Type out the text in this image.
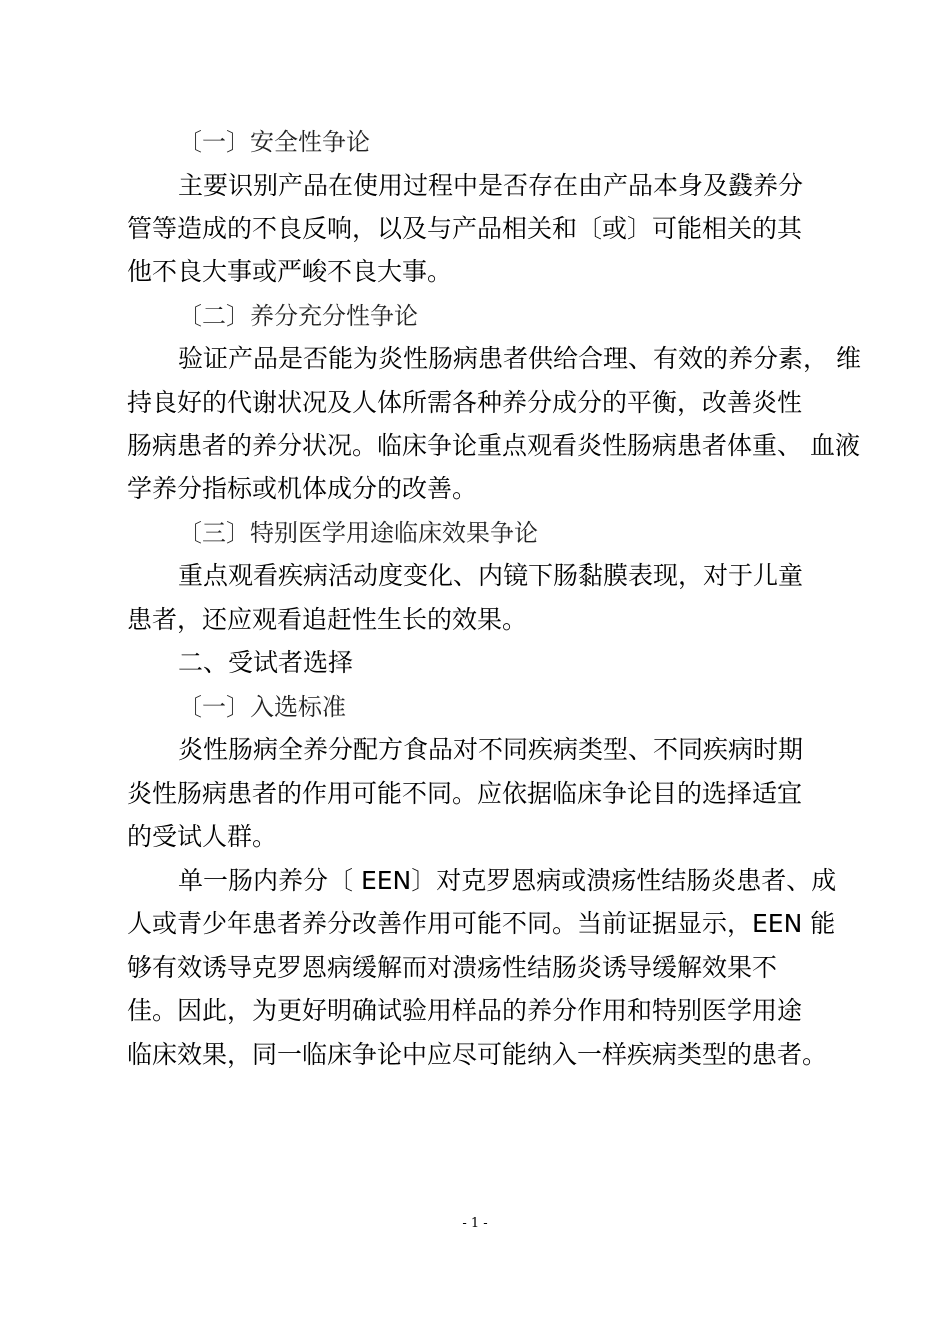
〔一〕安全性争论

主要识别产品在使用过程中是否存在由产品本身及鼗养分

管等造成的不良反响，以及与产品相关和〔或〕可能相关的其

他不良大事或严峻不良大事。

〔二〕养分充分性争论

验证产品是否能为炎性肠病患者供给合理、有效的养分素， 维

持良好的代谢状况及人体所需各种养分成分的平衡，改善炎性

肠病患者的养分状况。临床争论重点观看炎性肠病患者体重、 血液

学养分指标或机体成分的改善。

〔三〕特别医学用途临床效果争论

重点观看疾病活动度变化、内镜下肠黏膜表现，对于儿童

患者，还应观看追赶性生长的效果。

二、受试者选择

〔一〕入选标准

炎性肠病全养分配方食品对不同疾病类型、不同疾病时期

炎性肠病患者的作用可能不同。应依据临床争论目的选择适宜

的受试人群。

单一肠内养分〔 EEN〕对克罗恩病或溃疡性结肠炎患者、成

人或青少年患者养分改善作用可能不同。当前证据显示，EEN 能

够有效诱导克罗恩病缓解而对溃疡性结肠炎诱导缓解效果不

佳。因此，为更好明确试验用样品的养分作用和特别医学用途

临床效果，同一临床争论中应尽可能纳入一样疾病类型的患者。

- 1 -
